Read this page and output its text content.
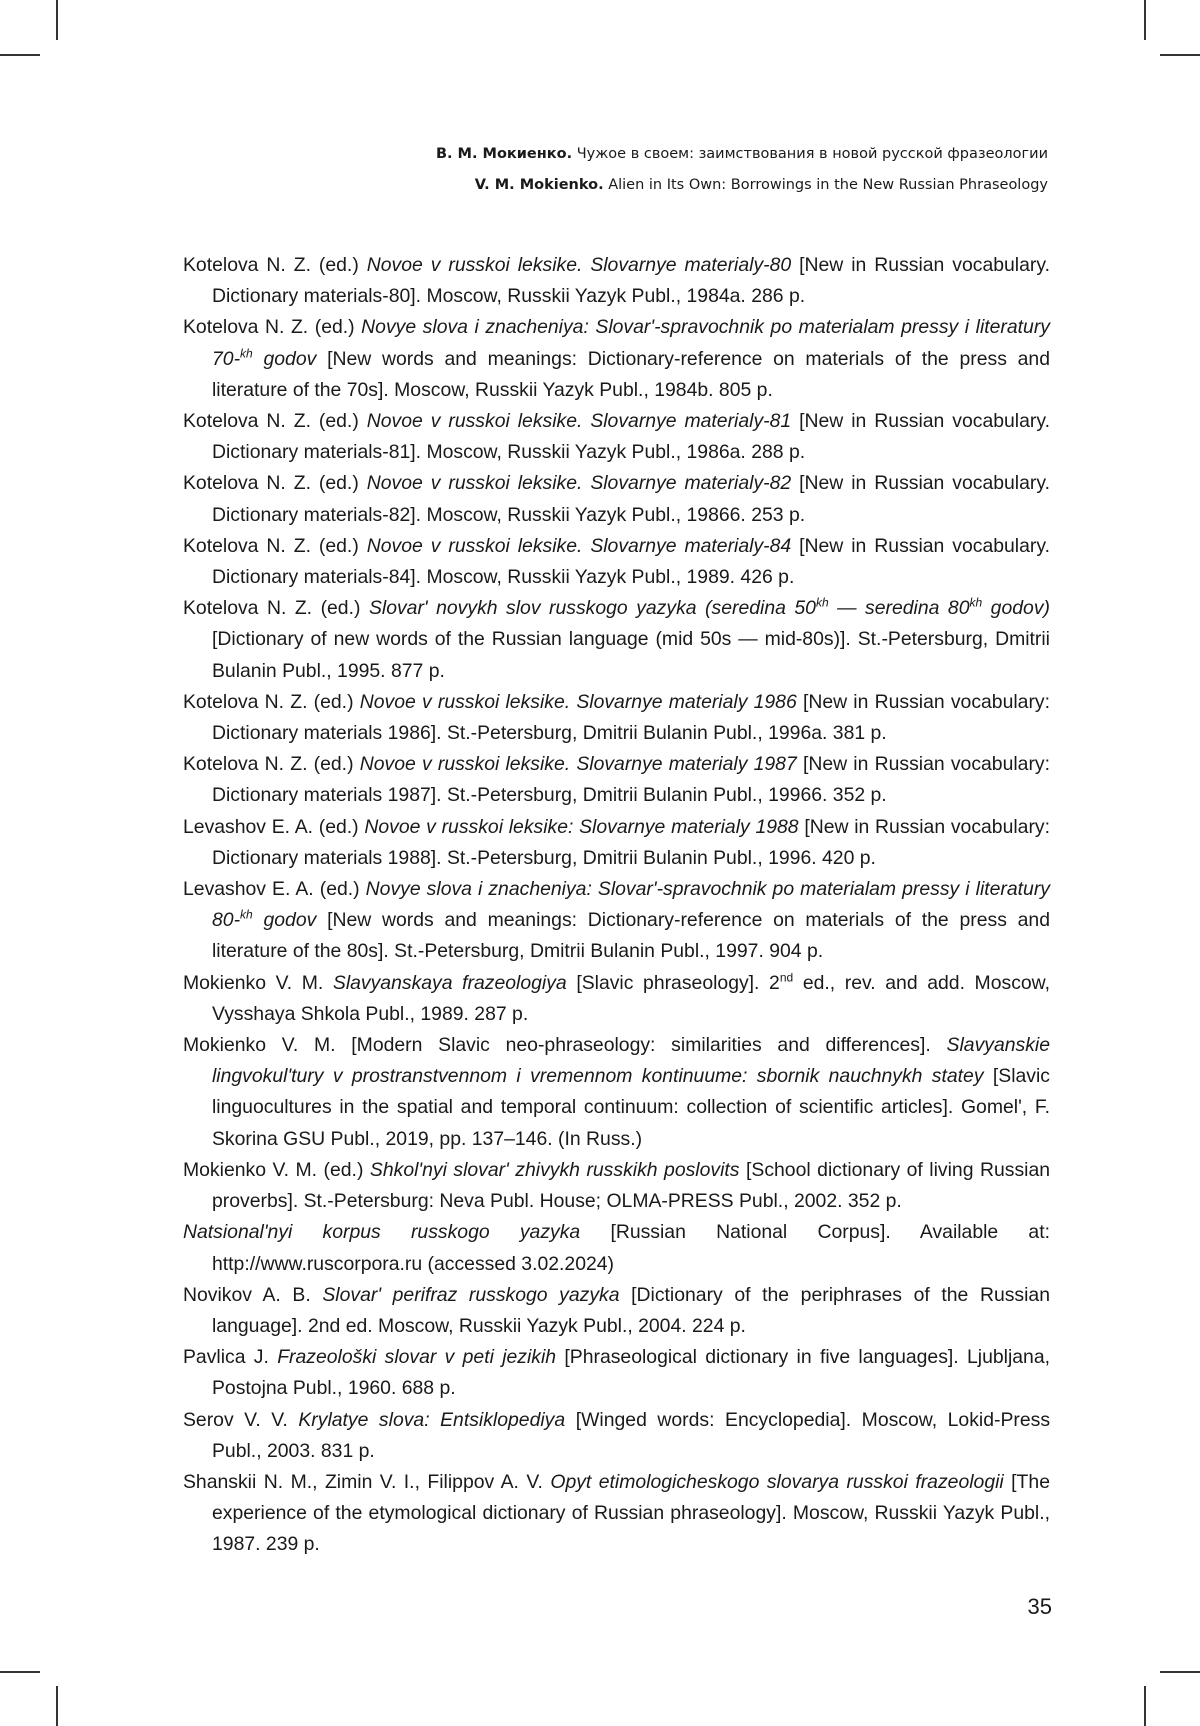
В. М. Мокиенко. Чужое в своем: заимствования в новой русской фразеологии
V. M. Mokienko. Alien in Its Own: Borrowings in the New Russian Phraseology

Kotelova N. Z. (ed.) Novoe v russkoi leksike. Slovarnye materialy-80 [New in Russian vocabulary. Dictionary materials-80]. Moscow, Russkii Yazyk Publ., 1984a. 286 p.

Kotelova N. Z. (ed.) Novye slova i znacheniya: Slovar'-spravochnik po materialam pressy i literatury 70-$^{kh}$ godov [New words and meanings: Dictionary-reference on materials of the press and literature of the 70s]. Moscow, Russkii Yazyk Publ., 1984b. 805 p.

Kotelova N. Z. (ed.) Novoe v russkoi leksike. Slovarnye materialy-81 [New in Russian vocabulary. Dictionary materials-81]. Moscow, Russkii Yazyk Publ., 1986a. 288 p.

Kotelova N. Z. (ed.) Novoe v russkoi leksike. Slovarnye materialy-82 [New in Russian vocabulary. Dictionary materials-82]. Moscow, Russkii Yazyk Publ., 19866. 253 p.

Kotelova N. Z. (ed.) Novoe v russkoi leksike. Slovarnye materialy-84 [New in Russian vocabulary. Dictionary materials-84]. Moscow, Russkii Yazyk Publ., 1989. 426 p.

Kotelova N. Z. (ed.) Slovar' novykh slov russkogo yazyka (seredina $50^{kh}$ — seredina $80^{kh}$ godov) [Dictionary of new words of the Russian language (mid 50s — mid-80s)]. St.-Petersburg, Dmitrii Bulanin Publ., 1995. 877 p.

Kotelova N. Z. (ed.) Novoe v russkoi leksike. Slovarnye materialy 1986 [New in Russian vocabulary: Dictionary materials 1986]. St.-Petersburg, Dmitrii Bulanin Publ., 1996a. 381 p.

Kotelova N. Z. (ed.) Novoe v russkoi leksike. Slovarnye materialy 1987 [New in Russian vocabulary: Dictionary materials 1987]. St.-Petersburg, Dmitrii Bulanin Publ., 19966. 352 p.

Levashov E. A. (ed.) Novoe v russkoi leksike: Slovarnye materialy 1988 [New in Russian vocabulary: Dictionary materials 1988]. St.-Petersburg, Dmitrii Bulanin Publ., 1996. 420 p.

Levashov E. A. (ed.) Novye slova i znacheniya: Slovar'-spravochnik po materialam pressy i literatury 80-$^{kh}$ godov [New words and meanings: Dictionary-reference on materials of the press and literature of the 80s]. St.-Petersburg, Dmitrii Bulanin Publ., 1997. 904 p.

Mokienko V. M. Slavyanskaya frazeologiya [Slavic phraseology]. 2nd ed., rev. and add. Moscow, Vysshaya Shkola Publ., 1989. 287 p.

Mokienko V. M. [Modern Slavic neo-phraseology: similarities and differences]. Slavyanskie lingvokul'tury v prostranstvennom i vremennom kontinuume: sbornik nauchnykh statey [Slavic linguocultures in the spatial and temporal continuum: collection of scientific articles]. Gomel', F. Skorina GSU Publ., 2019, pp. 137–146. (In Russ.)

Mokienko V. M. (ed.) Shkol'nyi slovar' zhivykh russkikh poslovits [School dictionary of living Russian proverbs]. St.-Petersburg: Neva Publ. House; OLMA-PRESS Publ., 2002. 352 p.

Natsional'nyi korpus russkogo yazyka [Russian National Corpus]. Available at: http://www.ruscorpora.ru (accessed 3.02.2024)

Novikov A. B. Slovar' perifraz russkogo yazyka [Dictionary of the periphrases of the Russian language]. 2nd ed. Moscow, Russkii Yazyk Publ., 2004. 224 p.

Pavlica J. Frazeološki slovar v peti jezikih [Phraseological dictionary in five languages]. Ljubljana, Postojna Publ., 1960. 688 p.

Serov V. V. Krylatye slova: Entsiklopediya [Winged words: Encyclopedia]. Moscow, Lokid-Press Publ., 2003. 831 p.

Shanskii N. M., Zimin V. I., Filippov A. V. Opyt etimologicheskogo slovarya russkoi frazeologii [The experience of the etymological dictionary of Russian phraseology]. Moscow, Russkii Yazyk Publ., 1987. 239 p.

35
